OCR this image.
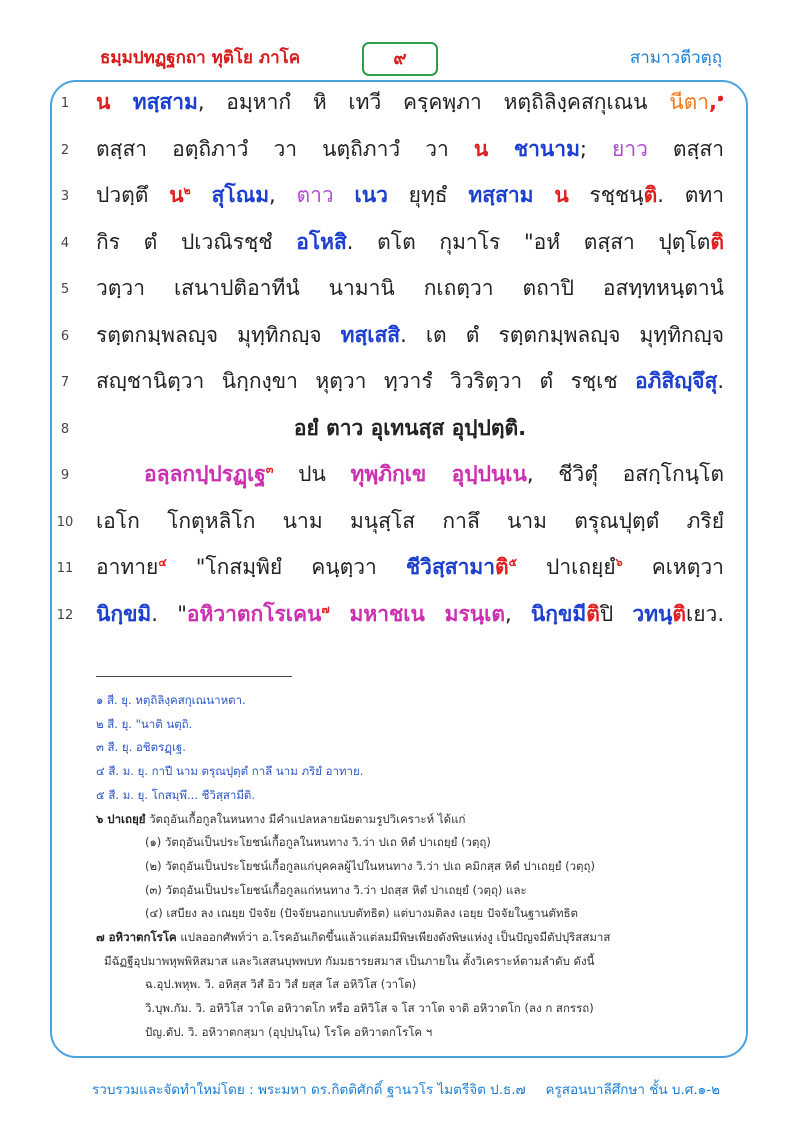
ธมฺมปทฏฺฐกถา ทุติโย ภาโค	๙	สามาวตีวตฺถุ
1 น ทสฺสาม, อมฺหากํ หิ เทวี ครฺคพฺภา หตฺถิลิงฺคสกุเณน นีตา,$^๑$
2 ตสฺสา อตฺถิภาวํ วา นตฺถิภาวํ วา น ชานาม; ยาว ตสฺสา
3 ปวตฺตึ น$^๒$ สุโณม, ตาว เนว ยุทฺธํ ทสฺสาม น รชฺชนฺติ. ตทา
4 กิร ตํ ปเวณิรชฺชํ อโหสิ. ตโต กุมาโร "อหํ ตสฺสา ปุตฺโตติ
5 วตฺวา เสนาปติอาทีนํ นามานิ กเถตฺวา ตถาปิ อสทฺทหนฺตานํ
6 รตฺตกมฺพลญฺจ มุทฺทิกญฺจ ทสฺเสสิ. เต ตํ รตฺตกมฺพลญฺจ มุทฺทิกญฺจ
7 สญฺชานิตฺวา นิกฺกงฺขา หุตฺวา ทฺวารํ วิวริตฺวา ตํ รชฺเช อภิสิญฺจึสุ.
8	อยํ ตาว อุเทนสฺส อุปฺปตฺติ.
9	อลฺลกปฺปรฏฺเฐ$^๓$ ปน ทุพฺภิกฺเข อุปฺปนฺเน, ชีวิตุํ อสกฺโกนฺโต
10 เอโก โกตุหลิโก นาม มนุสฺโส กาลึ นาม ตรุณปุตฺตํ ภริยํ
11 อาทาย$^๔$ "โกสมฺพิยํ คนฺตฺวา ชีวิสฺสามาติ$^๕$ ปาเถยฺยํ$^๖$ คเหตฺวา
12 นิกฺขมิ. "อหิวาตกโรเคน$^๗$ มหาชเน มรนฺเต, นิกฺขมีติปิ วทนฺติเยว.
๑ สี. ยุ. หตฺถิลิงฺคสกุเณนาหตา.
๒ สี. ยุ. "นาติ นตฺถิ.
๓ สี. ยุ. อชิตรฏฺเฐ.
๔ สี. ม. ยุ. กาปี นาม ตรุณปุตฺตํ กาลึ นาม ภริยํ อาทาย.
๕ สี. ม. ยุ. โกสมฺพึ... ชีวิสฺสามีติ.
๖ ปาเถยฺยํ วัตถุอันเกื้อกูลในหนทาง มีคำแปลหลายนัยตามรูปวิเคราะห์ ได้แก่
(๑) วัตถุอันเป็นประโยชน์เกื้อกูลในหนทาง วิ.ว่า ปเถ หิตํ ปาเถยฺยํ (วตฺถุ)
(๒) วัตถุอันเป็นประโยชน์เกื้อกูลแก่บุคคลผู้ไปในหนทาง วิ.ว่า ปเถ คมิกสฺส หิตํ ปาเถยฺยํ (วตฺถุ)
(๓) วัตถุอันเป็นประโยชน์เกื้อกูลแก่หนทาง วิ.ว่า ปถสฺส หิตํ ปาเถยฺยํ (วตฺถุ) และ
(๔) เสบียง ลง เณยฺย ปัจจัย (ปัจจัยนอกแบบตัทธิต) แต่บางมติลง เอยฺย ปัจจัยในฐานตัทธิต
๗ อหิวาตกโรโค แปลออกศัพท์ว่า อ.โรคอันเกิดขึ้นแล้วแต่ลมมีพิษเพียงดังพิษแห่งงู เป็นปัญจมีตัปปุริสสมาส
มีฉัฏฐีอุปมาพหุพพิหิสมาส และวิเสสนบุพพบท กัมมธารยสมาส เป็นภายใน ตั้งวิเคราะห์ตามลำดับ ดังนี้
ฉ.อุป.พหุพ. วิ. อหิสฺส วิสํ อิว วิสํ ยสฺส โส อหิวิโส (วาโต)
วิ.บุพ.กัม. วิ. อหิวิโส วาโต อหิวาตโก หรือ อหิวิโส จ โส วาโต จาติ อหิวาตโก (ลง ก สกรรถ)
ปัญ.ตัป. วิ. อหิวาตกสฺมา (อุปฺปนฺโน) โรโค อหิวาตกโรโค ฯ
รวบรวมและจัดทำใหม่โดย : พระมหา ดร.กิตติศักดิ์ ฐานวโร ไมตรีจิต ป.ธ.๗ ครูสอนบาลีศึกษา ชั้น บ.ศ.๑-๒
